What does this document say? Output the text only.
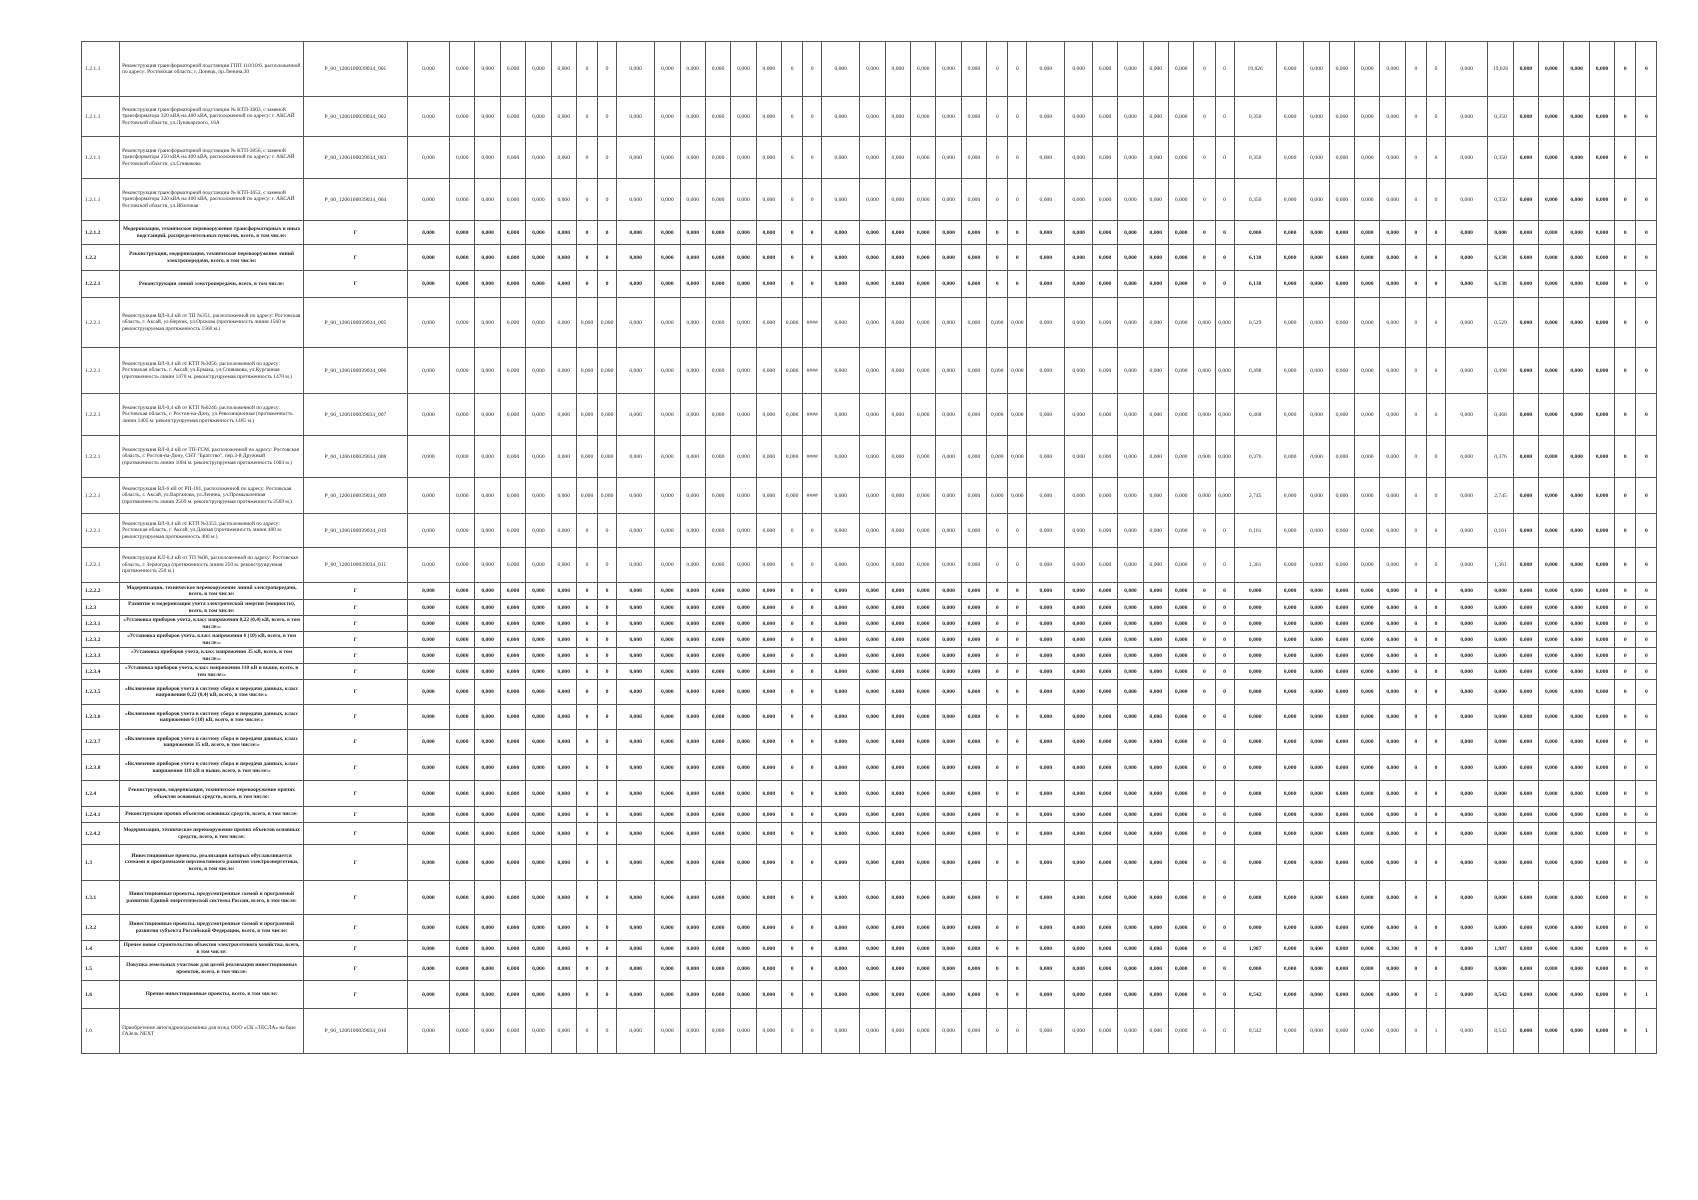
1.2.1.1	Реконструкция трансформаторной подстанции ГПП 110/10/6, расположенной по адресу: Ростовская область, г. Донецк, пр.Ленина,30	P_60_1206100039034_001	0,000	0,000	0,000	0,000	0,000	0,000	0	0	0,000	0,000	0,000	0,000	0,000	0,000	0	0	0,000	0,000	0,000	0,000	0,000	0,000	0	0	0,000	0,000	0,000	0,000	0,000	0,000	0	0	19,026	0,000	0,000	0,000	0,000	0,000	0	0	0,000	19,026	0,000	0,000	0,000	0,000	0	0
1.2.1.1	Реконструкция трансформаторной подстанции № КТП-3603, с заменой трансформатора 320 кВА на 400 кВА, расположенной по адресу: г. АКСАЙ Ростовской области, ул.Луначарского, 16А	P_60_1206100039034_002	0,000	0,000	0,000	0,000	0,000	0,000	0	0	0,000	0,000	0,000	0,000	0,000	0,000	0	0	0,000	0,000	0,000	0,000	0,000	0,000	0	0	0,000	0,000	0,000	0,000	0,000	0,000	0	0	0,350	0,000	0,000	0,000	0,000	0,000	0	0	0,000	0,350	0,000	0,000	0,000	0,000	0	0
1.2.1.1	Реконструкция трансформаторной подстанции № КТП-3056, с заменой трансформатора 250 кВА на 400 кВА, расположенной по адресу: г. АКСАЙ Ростовской области, ул.Спивакова	P_60_1206100039034_003	0,000	0,000	0,000	0,000	0,000	0,000	0	0	0,000	0,000	0,000	0,000	0,000	0,000	0	0	0,000	0,000	0,000	0,000	0,000	0,000	0	0	0,000	0,000	0,000	0,000	0,000	0,000	0	0	0,350	0,000	0,000	0,000	0,000	0,000	0	0	0,000	0,350	0,000	0,000	0,000	0,000	0	0
1.2.1.1	Реконструкция трансформаторной подстанции № КТП-3652, с заменой трансформатора 320 кВА на 400 кВА, расположенной по адресу: г. АКСАЙ Ростовской области, ул.Яблочная	P_60_1206100039034_004	0,000	0,000	0,000	0,000	0,000	0,000	0	0	0,000	0,000	0,000	0,000	0,000	0,000	0	0	0,000	0,000	0,000	0,000	0,000	0,000	0	0	0,000	0,000	0,000	0,000	0,000	0,000	0	0	0,350	0,000	0,000	0,000	0,000	0,000	0	0	0,000	0,350	0,000	0,000	0,000	0,000	0	0
1.2.1.2	Модернизация, техническое перевооружение трансформаторных и иных подстанций, распределительных пунктов, всего, в том числе:	Г	0,000	0,000	0,000	0,000	0,000	0,000	0	0	0,000	0,000	0,000	0,000	0,000	0,000	0	0	0,000	0,000	0,000	0,000	0,000	0,000	0	0	0,000	0,000	0,000	0,000	0,000	0,000	0	0	0,000	0,000	0,000	0,000	0,000	0,000	0	0	0,000	0,000	0,000	0,000	0,000	0,000	0	0
1.2.2	Реконструкция, модернизация, техническое перевооружение линий электропередачи, всего, в том числе:	Г	0,000	0,000	0,000	0,000	0,000	0,000	0	0	0,000	0,000	0,000	0,000	0,000	0,000	0	0	0,000	0,000	0,000	0,000	0,000	0,000	0	0	0,000	0,000	0,000	0,000	0,000	0,000	0	0	6,138	0,000	0,000	0,000	0,000	0,000	0	0	0,000	6,138	0,000	0,000	0,000	0,000	0	0
1.2.2.1	Реконструкция линий электропередачи, всего, в том числе:	Г	0,000	0,000	0,000	0,000	0,000	0,000	0	0	0,000	0,000	0,000	0,000	0,000	0,000	0	0	0,000	0,000	0,000	0,000	0,000	0,000	0	0	0,000	0,000	0,000	0,000	0,000	0,000	0	0	6,138	0,000	0,000	0,000	0,000	0,000	0	0	0,000	6,138	0,000	0,000	0,000	0,000	0	0
1.2.2.1	Реконструкция ВЛ-0,4 кВ от ТП №351, расположенной по адресу: Ростовская область, г. Аксай, ул.Нерчик, ул.Орскова (протяженность линии 1560 м реконструируемая протяженность 1560 м.)	P_60_1206100039034_005	0,000	0,000	0,000	0,000	0,000	0,000	0,000	0,000	0,000	0,000	0,000	0,000	0,000	0,000	0,000	####	0,000	0,000	0,000	0,000	0,000	0,000	0,000	0,000	0,000	0,000	0,000	0,000	0,000	0,000	0,000	0,000	0,529	0,000	0,000	0,000	0,000	0,000	0	0	0,000	0,529	0,000	0,000	0,000	0,000	0	0
1.2.2.1	Реконструкция ВЛ-0,4 кВ от КТП №3056, расположенной по адресу: Ростовская область, г. Аксай, ул.Ермака, ул.Спивакова, ул.Курганная (протяженность линии 1470 м. реконструируемая протяженность 1470 м.)	P_60_1206100039034_006	0,000	0,000	0,000	0,000	0,000	0,000	0,000	0,000	0,000	0,000	0,000	0,000	0,000	0,000	0,000	####	0,000	0,000	0,000	0,000	0,000	0,000	0,000	0,000	0,000	0,000	0,000	0,000	0,000	0,000	0,000	0,000	0,498	0,000	0,000	0,000	0,000	0,000	0	0	0,000	0,498	0,000	0,000	0,000	0,000	0	0
1.2.2.1	Реконструкция ВЛ-0,4 кВ от КТП №0246, расположенной по адресу: Ростовская область, г. Ростов-на-Дону, ул.Революционная (протяженность линии 1405 м. реконструируемая протяженность 1405 м.)	P_60_1206100039034_007	0,000	0,000	0,000	0,000	0,000	0,000	0,000	0,000	0,000	0,000	0,000	0,000	0,000	0,000	0,000	####	0,000	0,000	0,000	0,000	0,000	0,000	0,000	0,000	0,000	0,000	0,000	0,000	0,000	0,000	0,000	0,000	0,468	0,000	0,000	0,000	0,000	0,000	0	0	0,000	0,468	0,000	0,000	0,000	0,000	0	0
1.2.2.1	Реконструкция ВЛ-0,4 кВ от ТП-ГСМ, расположенной по адресу: Ростовская область, г. Ростов-на-Дону, СНТ "Братство", пер.3-й Дружный (протяженность линии 1084 м. реконструируемая протяженность 1084 м.)	P_60_1206100039034_008	0,000	0,000	0,000	0,000	0,000	0,000	0,000	0,000	0,000	0,000	0,000	0,000	0,000	0,000	0,000	####	0,000	0,000	0,000	0,000	0,000	0,000	0,000	0,000	0,000	0,000	0,000	0,000	0,000	0,000	0,000	0,000	0,376	0,000	0,000	0,000	0,000	0,000	0	0	0,000	0,376	0,000	0,000	0,000	0,000	0	0
1.2.2.1	Реконструкция ВЛ-6 кВ от РП-101, расположенной по адресу: Ростовская область, г. Аксай, ул.Вартанова, ул.Ленина, ул.Промышленная (протяженность линии 2569 м. реконструируемая протяженность 2569 м.)	P_60_1206100039034_009	0,000	0,000	0,000	0,000	0,000	0,000	0,000	0,000	0,000	0,000	0,000	0,000	0,000	0,000	0,000	####	0,000	0,000	0,000	0,000	0,000	0,000	0,000	0,000	0,000	0,000	0,000	0,000	0,000	0,000	0,000	0,000	2,745	0,000	0,000	0,000	0,000	0,000	0	0	0,000	2,745	0,000	0,000	0,000	0,000	0	0
1.2.2.1	Реконструкция ВЛ-0,4 кВ от КТП №3353, расположенной по адресу: Ростовская область, г. Аксай, ул.Дачная (протяженность линии 400 м. реконструируемая протяженность 400 м.)	P_60_1206100039034_010	0,000	0,000	0,000	0,000	0,000	0,000	0	0	0,000	0,000	0,000	0,000	0,000	0,000	0	0	0,000	0,000	0,000	0,000	0,000	0,000	0	0	0,000	0,000	0,000	0,000	0,000	0,000	0	0	0,161	0,000	0,000	0,000	0,000	0,000	0	0	0,000	0,161	0,000	0,000	0,000	0,000	0	0
1.2.2.1	Реконструкция КЛ-0,4 кВ от ТП №08, расположенной по адресу: Ростовская область, г. Зерноград (протяженность линии 250 м. реконструируемая протяженность 250 м.)	P_60_1206100039034_011	0,000	0,000	0,000	0,000	0,000	0,000	0	0	0,000	0,000	0,000	0,000	0,000	0,000	0	0	0,000	0,000	0,000	0,000	0,000	0,000	0	0	0,000	0,000	0,000	0,000	0,000	0,000	0	0	1,361	0,000	0,000	0,000	0,000	0,000	0	0	0,000	1,361	0,000	0,000	0,000	0,000	0	0
1.2.2.2	Модернизация, техническое перевооружение линий электропередачи, всего, в том числе:	Г	0,000	0,000	0,000	0,000	0,000	0,000	0	0	0,000	0,000	0,000	0,000	0,000	0,000	0	0	0,000	0,000	0,000	0,000	0,000	0,000	0	0	0,000	0,000	0,000	0,000	0,000	0,000	0	0	0,000	0,000	0,000	0,000	0,000	0,000	0	0	0,000	0,000	0,000	0,000	0,000	0,000	0	0
1.2.3	Развитие и модернизация учета электрической энергии (мощности), всего, в том числе:	Г	0,000	0,000	0,000	0,000	0,000	0,000	0	0	0,000	0,000	0,000	0,000	0,000	0,000	0	0	0,000	0,000	0,000	0,000	0,000	0,000	0	0	0,000	0,000	0,000	0,000	0,000	0,000	0	0	0,000	0,000	0,000	0,000	0,000	0,000	0	0	0,000	0,000	0,000	0,000	0,000	0,000	0	0
1.2.3.1	«Установка приборов учета, класс напряжения 0,22 (0,4) кВ, всего, в том числе:»	Г	0,000	0,000	0,000	0,000	0,000	0,000	0	0	0,000	0,000	0,000	0,000	0,000	0,000	0	0	0,000	0,000	0,000	0,000	0,000	0,000	0	0	0,000	0,000	0,000	0,000	0,000	0,000	0	0	0,000	0,000	0,000	0,000	0,000	0,000	0	0	0,000	0,000	0,000	0,000	0,000	0,000	0	0
1.2.3.2	«Установка приборов учета, класс напряжения 6 (10) кВ, всего, в том числе:»	Г	0,000	0,000	0,000	0,000	0,000	0,000	0	0	0,000	0,000	0,000	0,000	0,000	0,000	0	0	0,000	0,000	0,000	0,000	0,000	0,000	0	0	0,000	0,000	0,000	0,000	0,000	0,000	0	0	0,000	0,000	0,000	0,000	0,000	0,000	0	0	0,000	0,000	0,000	0,000	0,000	0,000	0	0
1.2.3.3	«Установка приборов учета, класс напряжения 35 кВ, всего, в том числе:»	Г	0,000	0,000	0,000	0,000	0,000	0,000	0	0	0,000	0,000	0,000	0,000	0,000	0,000	0	0	0,000	0,000	0,000	0,000	0,000	0,000	0	0	0,000	0,000	0,000	0,000	0,000	0,000	0	0	0,000	0,000	0,000	0,000	0,000	0,000	0	0	0,000	0,000	0,000	0,000	0,000	0,000	0	0
1.2.3.4	«Установка приборов учета, класс напряжения 110 кВ и выше, всего, в том числе:»	Г	0,000	0,000	0,000	0,000	0,000	0,000	0	0	0,000	0,000	0,000	0,000	0,000	0,000	0	0	0,000	0,000	0,000	0,000	0,000	0,000	0	0	0,000	0,000	0,000	0,000	0,000	0,000	0	0	0,000	0,000	0,000	0,000	0,000	0,000	0	0	0,000	0,000	0,000	0,000	0,000	0,000	0	0
1.2.3.5	«Включение приборов учета в систему сбора и передачи данных, класс напряжения 0,22 (0,4) кВ, всего, в том числе:»	Г	0,000	0,000	0,000	0,000	0,000	0,000	0	0	0,000	0,000	0,000	0,000	0,000	0,000	0	0	0,000	0,000	0,000	0,000	0,000	0,000	0	0	0,000	0,000	0,000	0,000	0,000	0,000	0	0	0,000	0,000	0,000	0,000	0,000	0,000	0	0	0,000	0,000	0,000	0,000	0,000	0,000	0	0
1.2.3.6	«Включение приборов учета в систему сбора и передачи данных, класс напряжения 6 (10) кВ, всего, в том числе:»	Г	0,000	0,000	0,000	0,000	0,000	0,000	0	0	0,000	0,000	0,000	0,000	0,000	0,000	0	0	0,000	0,000	0,000	0,000	0,000	0,000	0	0	0,000	0,000	0,000	0,000	0,000	0,000	0	0	0,000	0,000	0,000	0,000	0,000	0,000	0	0	0,000	0,000	0,000	0,000	0,000	0,000	0	0
1.2.3.7	«Включение приборов учета в систему сбора и передачи данных, класс напряжения 35 кВ, всего, в том числе:»	Г	0,000	0,000	0,000	0,000	0,000	0,000	0	0	0,000	0,000	0,000	0,000	0,000	0,000	0	0	0,000	0,000	0,000	0,000	0,000	0,000	0	0	0,000	0,000	0,000	0,000	0,000	0,000	0	0	0,000	0,000	0,000	0,000	0,000	0,000	0	0	0,000	0,000	0,000	0,000	0,000	0,000	0	0
1.2.3.8	«Включение приборов учета в систему сбора и передачи данных, класс напряжения 110 кВ и выше, всего, в том числе:»	Г	0,000	0,000	0,000	0,000	0,000	0,000	0	0	0,000	0,000	0,000	0,000	0,000	0,000	0	0	0,000	0,000	0,000	0,000	0,000	0,000	0	0	0,000	0,000	0,000	0,000	0,000	0,000	0	0	0,000	0,000	0,000	0,000	0,000	0,000	0	0	0,000	0,000	0,000	0,000	0,000	0,000	0	0
1.2.4	Реконструкция, модернизация, техническое перевооружение прочих объектов основных средств, всего, в том числе:	Г	0,000	0,000	0,000	0,000	0,000	0,000	0	0	0,000	0,000	0,000	0,000	0,000	0,000	0	0	0,000	0,000	0,000	0,000	0,000	0,000	0	0	0,000	0,000	0,000	0,000	0,000	0,000	0	0	0,000	0,000	0,000	0,000	0,000	0,000	0	0	0,000	0,000	0,000	0,000	0,000	0,000	0	0
1.2.4.1	Реконструкция прочих объектов основных средств, всего, в том числе:	Г	0,000	0,000	0,000	0,000	0,000	0,000	0	0	0,000	0,000	0,000	0,000	0,000	0,000	0	0	0,000	0,000	0,000	0,000	0,000	0,000	0	0	0,000	0,000	0,000	0,000	0,000	0,000	0	0	0,000	0,000	0,000	0,000	0,000	0,000	0	0	0,000	0,000	0,000	0,000	0,000	0,000	0	0
1.2.4.2	Модернизация, техническое перевооружение прочих объектов основных средств, всего, в том числе:	Г	0,000	0,000	0,000	0,000	0,000	0,000	0	0	0,000	0,000	0,000	0,000	0,000	0,000	0	0	0,000	0,000	0,000	0,000	0,000	0,000	0	0	0,000	0,000	0,000	0,000	0,000	0,000	0	0	0,000	0,000	0,000	0,000	0,000	0,000	0	0	0,000	0,000	0,000	0,000	0,000	0,000	0	0
1.3	Инвестиционные проекты, реализация которых обуславливается схемами и программами перспективного развития электроэнергетики, всего, в том числе:	Г	0,000	0,000	0,000	0,000	0,000	0,000	0	0	0,000	0,000	0,000	0,000	0,000	0,000	0	0	0,000	0,000	0,000	0,000	0,000	0,000	0	0	0,000	0,000	0,000	0,000	0,000	0,000	0	0	0,000	0,000	0,000	0,000	0,000	0,000	0	0	0,000	0,000	0,000	0,000	0,000	0,000	0	0
1.3.1	Инвестиционные проекты, предусмотренные схемой и программой развития Единой энергетической системы России, всего, в том числе:	Г	0,000	0,000	0,000	0,000	0,000	0,000	0	0	0,000	0,000	0,000	0,000	0,000	0,000	0	0	0,000	0,000	0,000	0,000	0,000	0,000	0	0	0,000	0,000	0,000	0,000	0,000	0,000	0	0	0,000	0,000	0,000	0,000	0,000	0,000	0	0	0,000	0,000	0,000	0,000	0,000	0,000	0	0
1.3.2	Инвестиционные проекты, предусмотренные схемой и программой развития субъекта Российской Федерации, всего, в том числе:	Г	0,000	0,000	0,000	0,000	0,000	0,000	0	0	0,000	0,000	0,000	0,000	0,000	0,000	0	0	0,000	0,000	0,000	0,000	0,000	0,000	0	0	0,000	0,000	0,000	0,000	0,000	0,000	0	0	0,000	0,000	0,000	0,000	0,000	0,000	0	0	0,000	0,000	0,000	0,000	0,000	0,000	0	0
1.4	Прочее новое строительство объектов электросетевого хозяйства, всего, в том числе:	Г	0,000	0,000	0,000	0,000	0,000	0,000	0	0	0,000	0,000	0,000	0,000	0,000	0,000	0	0	0,000	0,000	0,000	0,000	0,000	0,000	0	0	0,000	0,000	0,000	0,000	0,000	0,000	0	0	1,987	0,000	0,400	0,000	0,000	0,300	0	0	0,000	1,987	0,000	0,400	0,000	0,000	0	0
1.5	Покупка земельных участков для целей реализации инвестиционных проектов, всего, в том числе:	Г	0,000	0,000	0,000	0,000	0,000	0,000	0	0	0,000	0,000	0,000	0,000	0,000	0,000	0	0	0,000	0,000	0,000	0,000	0,000	0,000	0	0	0,000	0,000	0,000	0,000	0,000	0,000	0	0	0,000	0,000	0,000	0,000	0,000	0,000	0	0	0,000	0,000	0,000	0,000	0,000	0,000	0	0
1.6	Прочие инвестиционные проекты, всего, в том числе:	Г	0,000	0,000	0,000	0,000	0,000	0,000	0	0	0,000	0,000	0,000	0,000	0,000	0,000	0	0	0,000	0,000	0,000	0,000	0,000	0,000	0	0	0,000	0,000	0,000	0,000	0,000	0,000	0	0	8,542	0,000	0,000	0,000	0,000	0,000	0	1	0,000	8,542	0,000	0,000	0,000	0,000	0	1
1.6	Приобретение автогидроподъемника для нужд ООО «СК «ТЕСЛА» на базе ГАЗель NEXT	P_60_1206100039034_016	0,000	0,000	0,000	0,000	0,000	0,000	0	0	0,000	0,000	0,000	0,000	0,000	0,000	0	0	0,000	0,000	0,000	0,000	0,000	0,000	0	0	0,000	0,000	0,000	0,000	0,000	0,000	0	0	8,542	0,000	0,000	0,000	0,000	0,000	0	1	0,000	8,542	0,000	0,000	0,000	0,000	0	1
